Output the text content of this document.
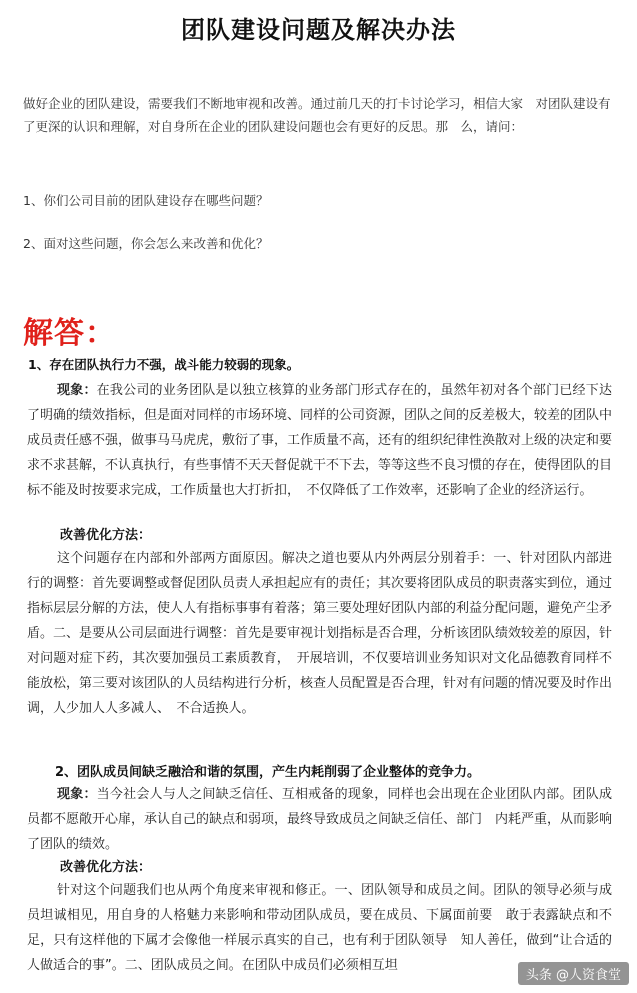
团队建设问题及解决办法
做好企业的团队建设，需要我们不断地审视和改善。通过前几天的打卡讨论学习，相信大家　对团队建设有了更深的认识和理解，对自身所在企业的团队建设问题也会有更好的反思。那　么，请问：
1、你们公司目前的团队建设存在哪些问题？
2、面对这些问题，你会怎么来改善和优化？
解答：
1、存在团队执行力不强，战斗能力较弱的现象。
现象：在我公司的业务团队是以独立核算的业务部门形式存在的，虽然年初对各个部门已经下达了明确的绩效指标，但是面对同样的市场环境、同样的公司资源，团队之间的反差极大，较差的团队中成员责任感不强，做事马马虎虎，敷衍了事，工作质量不高，还有的组织纪律性涣散对上级的决定和要求不求甚解，不认真执行，有些事情不天天督促就干不下去，等等这些不良习惯的存在，使得团队的目标不能及时按要求完成，工作质量也大打折扣，　不仅降低了工作效率，还影响了企业的经济运行。
改善优化方法：
这个问题存在内部和外部两方面原因。解决之道也要从内外两层分别着手：一、针对团队内部进行的调整：首先要调整或督促团队员责人承担起应有的责任；其次要将团队成员的职责落实到位，通过指标层层分解的方法，使人人有指标事事有着落；第三要处理好团队内部的利益分配问题，避免产尘矛盾。二、是要从公司层面进行调整：首先是要审视计划指标是否合理，分析该团队绩效较差的原因，针对问题对症下药，其次要加强员工素质教育，　开展培训，不仅要培训业务知识对文化品德教育同样不能放松，第三要对该团队的人员结构进行分析，核查人员配置是否合理，针对有问题的情况要及时作出调，人少加人人多减人、　不合适换人。
2、团队成员间缺乏融洽和谐的氛围，产生内耗削弱了企业整体的竞争力。
现象：当今社会人与人之间缺乏信任、互相戒备的现象，同样也会出现在企业团队内部。团队成员都不愿敞开心扉，承认自己的缺点和弱项，最终导致成员之间缺乏信任、部门　内耗严重，从而影响了团队的绩效。
改善优化方法：
针对这个问题我们也从两个角度来审视和修正。一、团队领导和成员之间。团队的领导必须与成员坦诚相见，用自身的人格魅力来影响和带动团队成员，要在成员、下属面前要　敢于表露缺点和不足，只有这样他的下属才会像他一样展示真实的自己，也有利于团队领导　知人善任，做到“让合适的人做适合的事”。二、团队成员之间。在团队中成员们必须相互坦
头条 @人资食堂
